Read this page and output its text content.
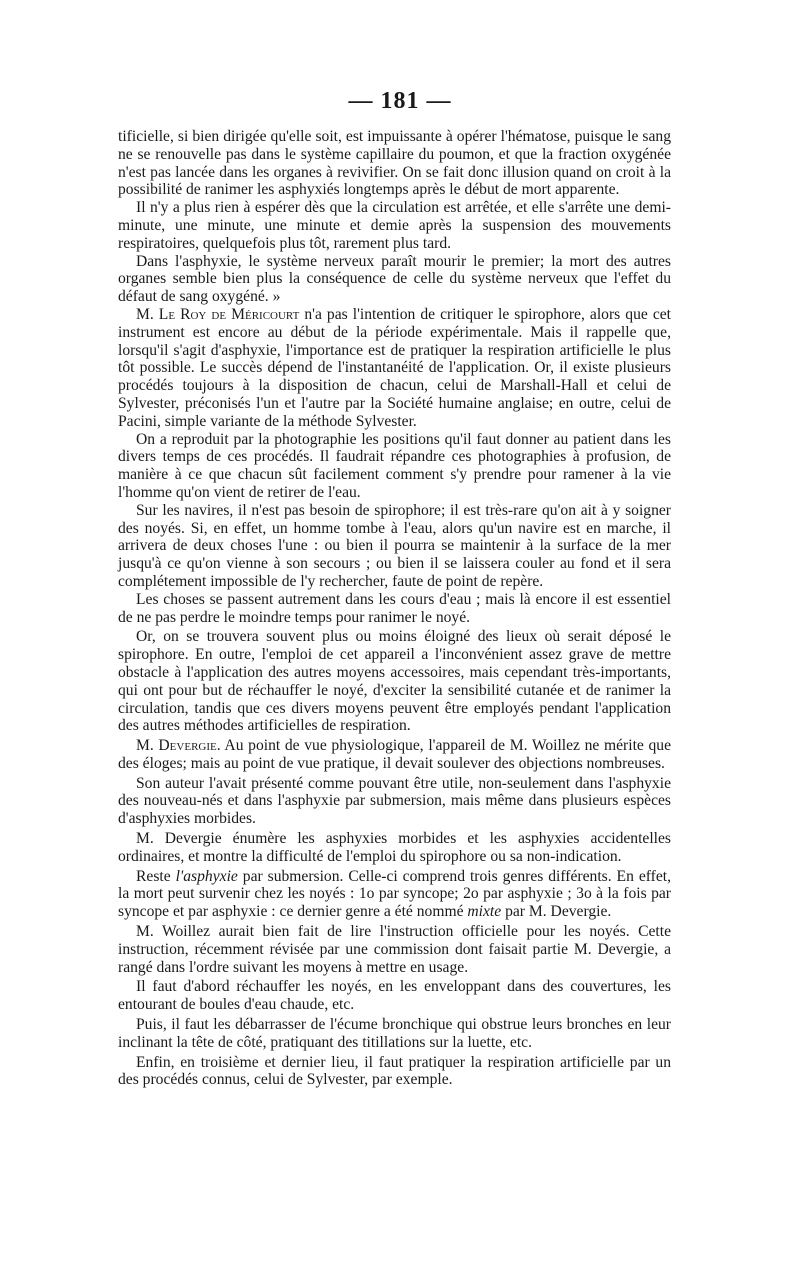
— 181 —

tificielle, si bien dirigée qu'elle soit, est impuissante à opérer l'hématose, puisque le sang ne se renouvelle pas dans le système capillaire du poumon, et que la fraction oxygénée n'est pas lancée dans les organes à revivifier. On se fait donc illusion quand on croit à la possibilité de ranimer les asphyxiés longtemps après le début de mort apparente.

Il n'y a plus rien à espérer dès que la circulation est arrêtée, et elle s'arrête une demi-minute, une minute, une minute et demie après la suspension des mouvements respiratoires, quelquefois plus tôt, rarement plus tard.

Dans l'asphyxie, le système nerveux paraît mourir le premier; la mort des autres organes semble bien plus la conséquence de celle du système nerveux que l'effet du défaut de sang oxygéné. »

M. Le Roy de Méricourt n'a pas l'intention de critiquer le spirophore, alors que cet instrument est encore au début de la période expérimentale. Mais il rappelle que, lorsqu'il s'agit d'asphyxie, l'importance est de pratiquer la respiration artificielle le plus tôt possible. Le succès dépend de l'instantanéité de l'application. Or, il existe plusieurs procédés toujours à la disposition de chacun, celui de Marshall-Hall et celui de Sylvester, préconisés l'un et l'autre par la Société humaine anglaise; en outre, celui de Pacini, simple variante de la méthode Sylvester.

On a reproduit par la photographie les positions qu'il faut donner au patient dans les divers temps de ces procédés. Il faudrait répandre ces photographies à profusion, de manière à ce que chacun sût facilement comment s'y prendre pour ramener à la vie l'homme qu'on vient de retirer de l'eau.

Sur les navires, il n'est pas besoin de spirophore; il est très-rare qu'on ait à y soigner des noyés. Si, en effet, un homme tombe à l'eau, alors qu'un navire est en marche, il arrivera de deux choses l'une : ou bien il pourra se maintenir à la surface de la mer jusqu'à ce qu'on vienne à son secours ; ou bien il se laissera couler au fond et il sera complétement impossible de l'y rechercher, faute de point de repère.

Les choses se passent autrement dans les cours d'eau ; mais là encore il est essentiel de ne pas perdre le moindre temps pour ranimer le noyé.

Or, on se trouvera souvent plus ou moins éloigné des lieux où serait déposé le spirophore. En outre, l'emploi de cet appareil a l'inconvénient assez grave de mettre obstacle à l'application des autres moyens accessoires, mais cependant très-importants, qui ont pour but de réchauffer le noyé, d'exciter la sensibilité cutanée et de ranimer la circulation, tandis que ces divers moyens peuvent être employés pendant l'application des autres méthodes artificielles de respiration.

M. Devergie. Au point de vue physiologique, l'appareil de M. Woillez ne mérite que des éloges; mais au point de vue pratique, il devait soulever des objections nombreuses.

Son auteur l'avait présenté comme pouvant être utile, non-seulement dans l'asphyxie des nouveau-nés et dans l'asphyxie par submersion, mais même dans plusieurs espèces d'asphyxies morbides.

M. Devergie énumère les asphyxies morbides et les asphyxies accidentelles ordinaires, et montre la difficulté de l'emploi du spirophore ou sa non-indication.

Reste l'asphyxie par submersion. Celle-ci comprend trois genres différents. En effet, la mort peut survenir chez les noyés : 1o par syncope; 2o par asphyxie ; 3o à la fois par syncope et par asphyxie : ce dernier genre a été nommé mixte par M. Devergie.

M. Woillez aurait bien fait de lire l'instruction officielle pour les noyés. Cette instruction, récemment révisée par une commission dont faisait partie M. Devergie, a rangé dans l'ordre suivant les moyens à mettre en usage.

Il faut d'abord réchauffer les noyés, en les enveloppant dans des couvertures, les entourant de boules d'eau chaude, etc.

Puis, il faut les débarrasser de l'écume bronchique qui obstrue leurs bronches en leur inclinant la tête de côté, pratiquant des titillations sur la luette, etc.

Enfin, en troisième et dernier lieu, il faut pratiquer la respiration artificielle par un des procédés connus, celui de Sylvester, par exemple.
